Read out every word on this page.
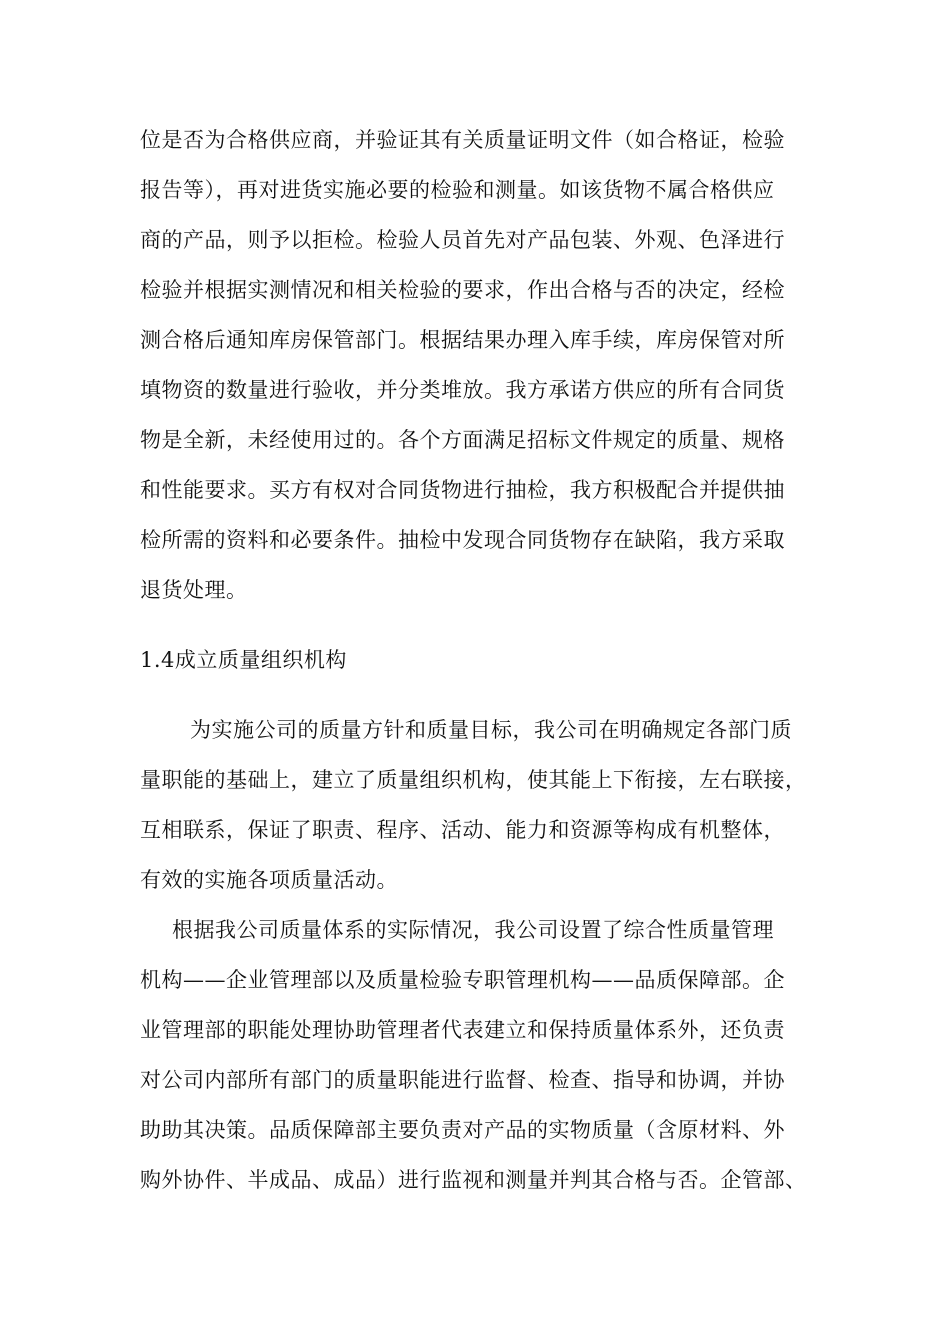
位是否为合格供应商，并验证其有关质量证明文件（如合格证，检验
报告等），再对进货实施必要的检验和测量。如该货物不属合格供应
商的产品，则予以拒检。检验人员首先对产品包装、外观、色泽进行
检验并根据实测情况和相关检验的要求，作出合格与否的决定，经检
测合格后通知库房保管部门。根据结果办理入库手续，库房保管对所
填物资的数量进行验收，并分类堆放。我方承诺方供应的所有合同货
物是全新，未经使用过的。各个方面满足招标文件规定的质量、规格
和性能要求。买方有权对合同货物进行抽检，我方积极配合并提供抽
检所需的资料和必要条件。抽检中发现合同货物存在缺陷，我方采取
退货处理。
1.4成立质量组织机构
为实施公司的质量方针和质量目标，我公司在明确规定各部门质
量职能的基础上，建立了质量组织机构，使其能上下衔接，左右联接，
互相联系，保证了职责、程序、活动、能力和资源等构成有机整体，
有效的实施各项质量活动。
根据我公司质量体系的实际情况，我公司设置了综合性质量管理
机构——企业管理部以及质量检验专职管理机构——品质保障部。企
业管理部的职能处理协助管理者代表建立和保持质量体系外，还负责
对公司内部所有部门的质量职能进行监督、检查、指导和协调，并协
助助其决策。品质保障部主要负责对产品的实物质量（含原材料、外
购外协件、半成品、成品）进行监视和测量并判其合格与否。企管部、
